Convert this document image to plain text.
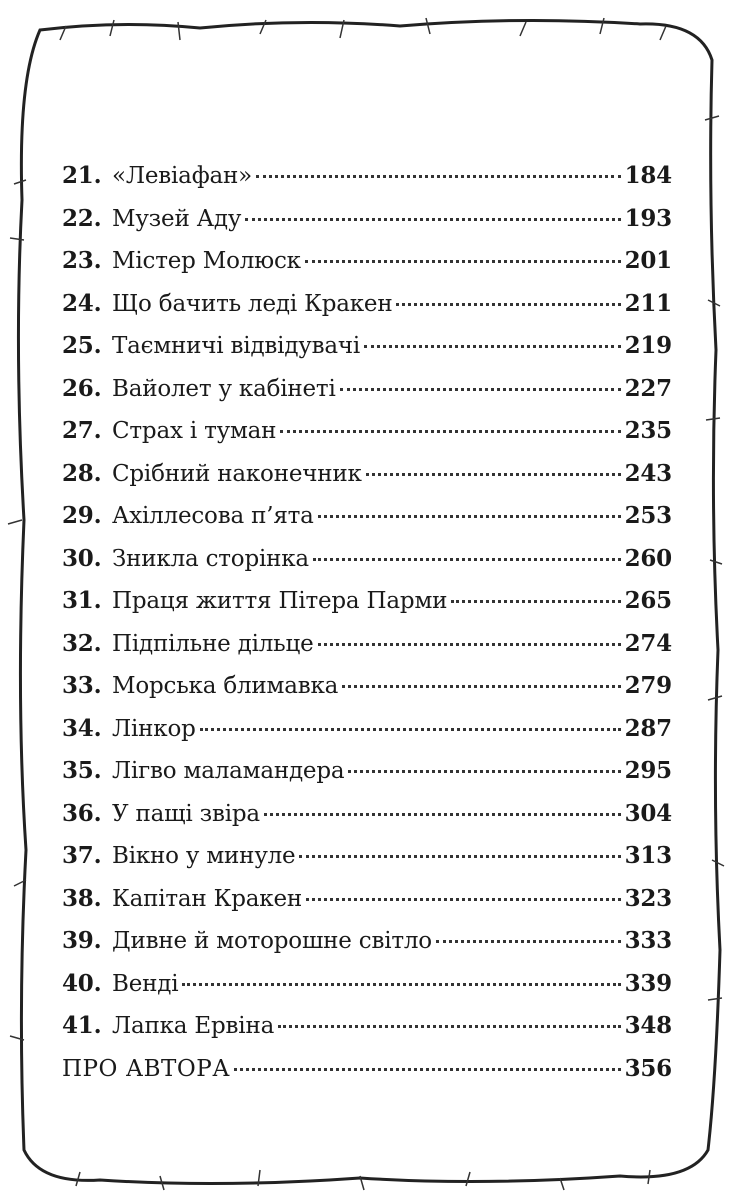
21. «Левіафан»	184
22. Музей Аду	193
23. Містер Молюск	201
24. Що бачить леді Кракен	211
25. Таємничі відвідувачі	219
26. Вайолет у кабінеті	227
27. Страх і туман	235
28. Срібний наконечник	243
29. Ахіллесова п’ята	253
30. Зникла сторінка	260
31. Праця життя Пітера Парми	265
32. Підпільне дільце	274
33. Морська блимавка	279
34. Лінкор	287
35. Лігво маламандера	295
36. У пащі звіра	304
37. Вікно у минуле	313
38. Капітан Кракен	323
39. Дивне й моторошне світло	333
40. Венді	339
41. Лапка Ервіна	348
ПРО АВТОРА	356
